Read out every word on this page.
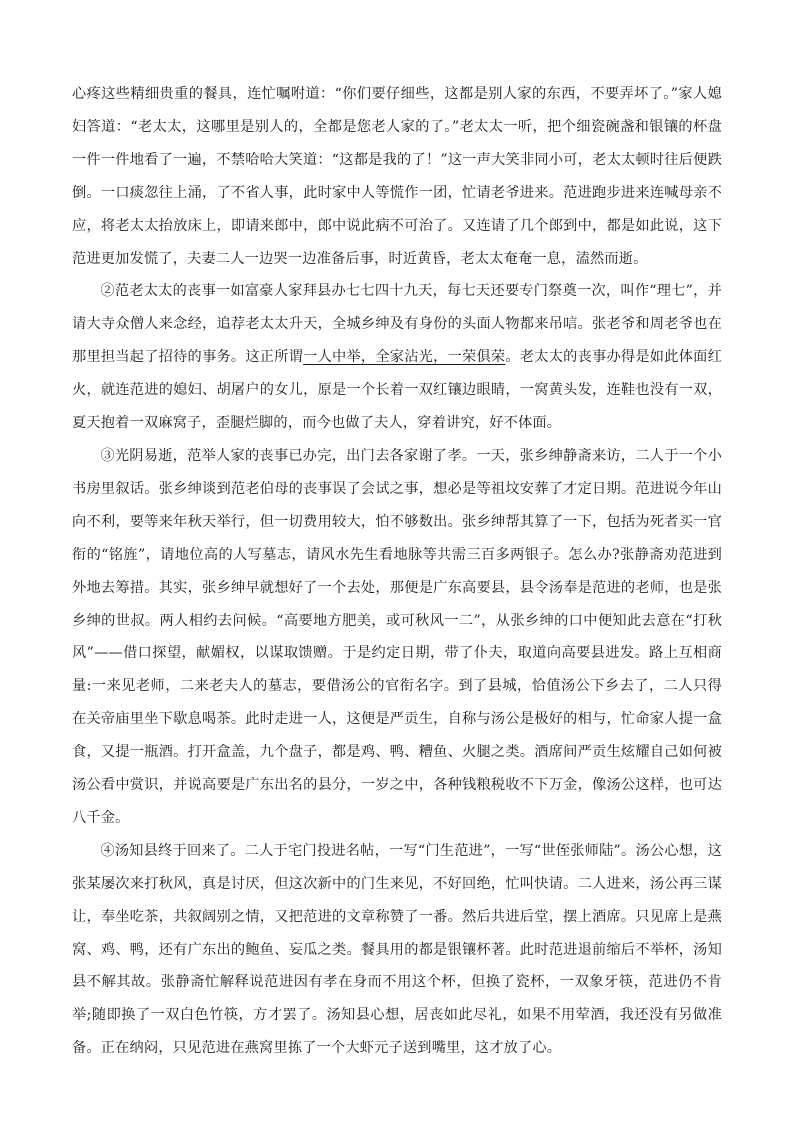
心疼这些精细贵重的餐具，连忙嘱咐道：“你们要仔细些，这都是别人家的东西，不要弄坏了。”家人媳妇答道：“老太太，这哪里是别人的，全都是您老人家的了。”老太太一听，把个细瓷碗盏和银镶的杯盘一件一件地看了一遍，不禁哈哈大笑道：“这都是我的了！”这一声大笑非同小可，老太太顿时往后便跌倒。一口痰忽往上涌，了不省人事，此时家中人等慌作一团，忙请老爷进来。范进跑步进来连喊母亲不应，将老太太抬放床上，即请来郎中，郎中说此病不可治了。又连请了几个郎到中，都是如此说，这下范进更加发慌了，夫妻二人一边哭一边准备后事，时近黄昏，老太太奄奄一息，溘然而逝。

②范老太太的丧事一如富豪人家拜县办七七四十九天，每七天还要专门祭奠一次，叫作“理七”，并请大寺众僧人来念经，追荐老太太升天，全城乡绅及有身份的头面人物都来吊唁。张老爷和周老爷也在那里担当起了招待的事务。这正所谓一人中举，全家沾光，一荣俱荣。老太太的丧事办得是如此体面红火，就连范进的媳妇、胡屠户的女儿，原是一个长着一双红镶边眼睛，一窝黄头发，连鞋也没有一双，夏天抱着一双麻窝子，歪腿烂脚的，而今也做了夫人，穿着讲究，好不体面。

③光阴易逝，范举人家的丧事已办完，出门去各家谢了孝。一天，张乡绅静斋来访，二人于一个小书房里叙话。张乡绅谈到范老伯母的丧事误了会试之事，想必是等祖坟安葬了才定日期。范进说今年山向不利，要等来年秋天举行，但一切费用较大，怕不够数出。张乡绅帮其算了一下，包括为死者买一官衔的“铭旌”，请地位高的人写墓志，请风水先生看地脉等共需三百多两银子。怎么办?张静斋劝范进到外地去筹措。其实，张乡绅早就想好了一个去处，那便是广东高要县，县令汤奉是范进的老师，也是张乡绅的世叔。两人相约去问候。“高要地方肥美，或可秋风一二”，从张乡绅的口中便知此去意在“打秋风”——借口探望，献媚权，以谋取馈赠。于是约定日期，带了仆夫，取道向高要县进发。路上互相商量:一来见老师，二来老夫人的墓志，要借汤公的官衔名字。到了县城，恰值汤公下乡去了，二人只得在关帝庙里坐下歇息喝茶。此时走进一人，这便是严贡生，自称与汤公是极好的相与，忙命家人提一盒食，又提一瓶酒。打开盒盖，九个盘子，都是鸡、鸭、糟鱼、火腿之类。酒席间严贡生炫耀自己如何被汤公看中赏识，并说高要是广东出名的县分，一岁之中，各种钱粮税收不下万金，像汤公这样，也可达八千金。

④汤知县终于回来了。二人于宅门投进名帖，一写“门生范进”，一写“世侄张师陆”。汤公心想，这张某屡次来打秋风，真是讨厌，但这次新中的门生来见，不好回绝，忙叫快请。二人进来，汤公再三谋让，奉坐吃茶，共叙阔别之情，又把范进的文章称赞了一番。然后共进后堂，摆上酒席。只见席上是燕窝、鸡、鸭，还有广东出的鲍鱼、妄瓜之类。餐具用的都是银镶杯著。此时范进退前缩后不举杯，汤知县不解其故。张静斋忙解释说范进因有孝在身而不用这个杯，但换了瓷杯，一双象牙筷，范进仍不肯举;随即换了一双白色竹筷，方才罢了。汤知县心想，居丧如此尽礼，如果不用荤酒，我还没有另做准备。正在纳闷，只见范进在燕窝里拣了一个大虾元子送到嘴里，这才放了心。
